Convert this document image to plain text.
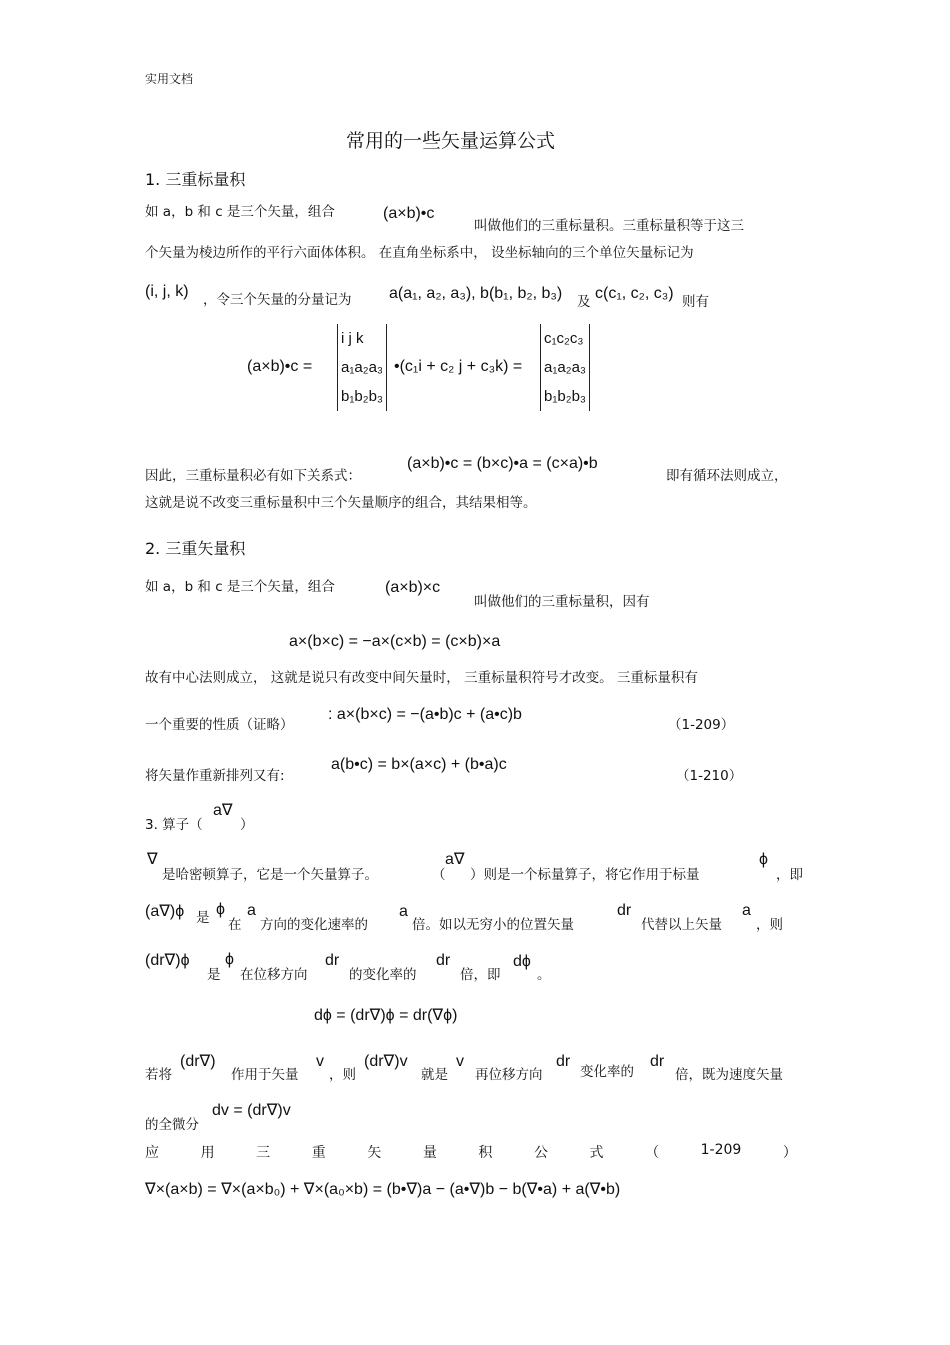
实用文档
常用的一些矢量运算公式
1. 三重标量积
如 a，b 和 c 是三个矢量，组合	(a×b)•c
叫做他们的三重标量积。三重标量积等于这三
个矢量为棱边所作的平行六面体体积。 在直角坐标系中， 设坐标轴向的三个单位矢量标记为
(i, j, k) ，令三个矢量的分量记为 a(a₁, a₂, a₃), b(b₁, b₂, b₃) 及 c(c₁, c₂, c₃) 则有
(a×b)•c =
i j k
a₁a₂a₃
b₁b₂b₃
•(c₁i + c₂ j + c₃k) =
c₁c₂c₃
a₁a₂a₃
b₁b₂b₃
因此，三重标量积必有如下关系式：
(a×b)•c = (b×c)•a = (c×a)•b
即有循环法则成立，
这就是说不改变三重标量积中三个矢量顺序的组合，其结果相等。
2. 三重矢量积
如 a，b 和 c 是三个矢量，组合	(a×b)×c
叫做他们的三重标量积，因有
a×(b×c) = −a×(c×b) = (c×b)×a
故有中心法则成立， 这就是说只有改变中间矢量时， 三重标量积符号才改变。 三重标量积有
一个重要的性质（证略）
: a×(b×c) = −(a•b)c + (a•c)b
（1-209）
将矢量作重新排列又有:
a(b•c) = b×(a×c) + (b•a)c
（1-210）
3. 算子（
a∇
）
∇
是哈密顿算子，它是一个矢量算子。	（
a∇
）则是一个标量算子，将它作用于标量
ϕ
，即
(a∇)ϕ 是 ϕ
在
a
方向的变化速率的
a
倍。如以无穷小的位置矢量
dr
代替以上矢量
a
，则
(dr∇)ϕ
是
ϕ
在位移方向
dr
的变化率的
dr
倍，即
dϕ
。
dϕ = (dr∇)ϕ = dr(∇ϕ)
若将
(dr∇)
作用于矢量
v
，则
(dr∇)v
就是
v
再位移方向
dr
变化率的
dr
倍，既为速度矢量
的全微分
dv = (dr∇)v
应	用	三	重	矢	量	积	公	式	（	1-209	）
∇×(a×b) = ∇×(a×b₀) + ∇×(a₀×b) = (b•∇)a − (a•∇)b − b(∇•a) + a(∇•b)
